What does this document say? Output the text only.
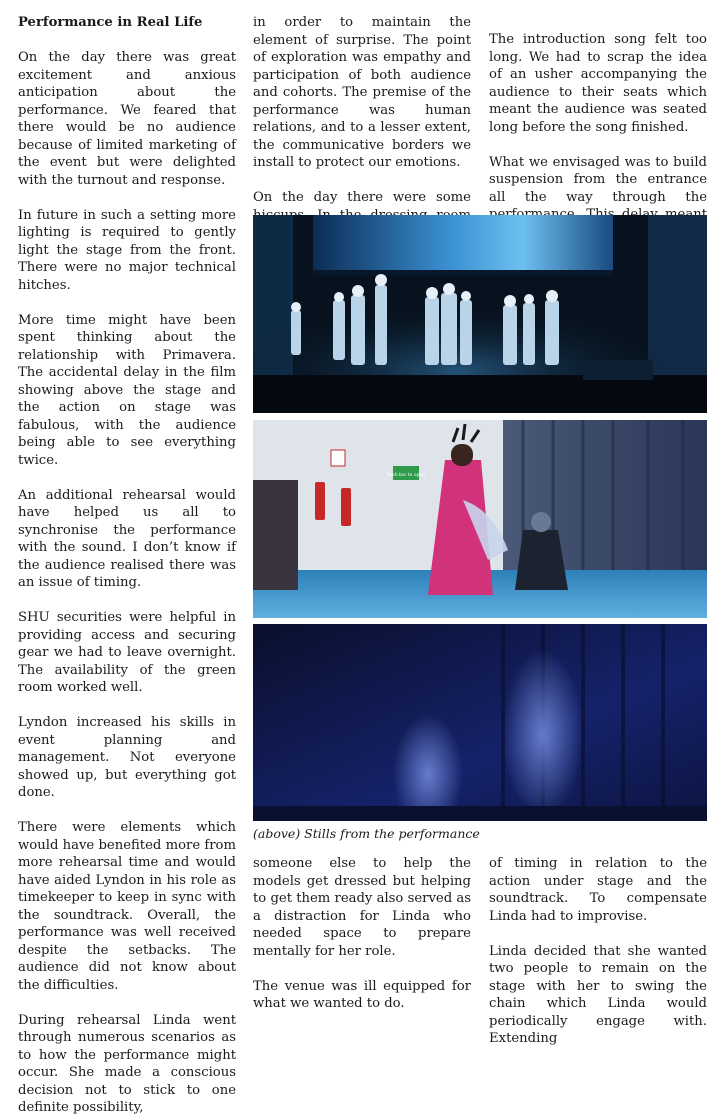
Performance in Real Life

On the day there was great excitement and anxious anticipation about the performance. We feared that there would be no audience because of limited marketing of the event but were delighted with the turnout and response.

In future in such a setting more lighting is required to gently light the stage from the front. There were no major technical hitches.

More time might have been spent thinking about the relationship with Primavera. The accidental delay in the film showing above the stage and the action on stage was fabulous, with the audience being able to see everything twice.

An additional rehearsal would have helped us all to synchronise the performance with the sound. I don’t know if the audience realised there was an issue of timing.

SHU securities were helpful in providing access and securing gear we had to leave overnight. The availability of the green room worked well.

Lyndon increased his skills in event planning and management. Not everyone showed up, but everything got done.

There were elements which would have benefited more from more rehearsal time and would have aided Lyndon in his role as timekeeper to keep in sync with the soundtrack. Overall, the performance was well received despite the setbacks. The audience did not know about the difficulties.

During rehearsal Linda went through numerous scenarios as to how the performance might occur. She made a conscious decision not to stick to one definite possibility,

in order to maintain the element of surprise. The point of exploration was empathy and participation of both audience and cohorts. The premise of the performance was human relations, and to a lesser extent, the communicative borders we install to protect our emotions.

On the day there were some

The introduction song felt too long. We had to scrap the idea of an usher accompanying the audience to their seats which meant the audience was seated long before the song finished.

What we envisaged was to build suspension from the entrance all the way through the

Push bar to open
(above) Stills from the performance

someone else to help the models get dressed but helping to get them ready also served as a distraction for Linda who needed space to prepare mentally for her role.

The venue was ill equipped for what we wanted to do.

of timing in relation to the action under stage and the soundtrack. To compensate Linda had to improvise.

Linda decided that she wanted two people to remain on the stage with her to swing the chain which Linda would periodically engage with. Extending
